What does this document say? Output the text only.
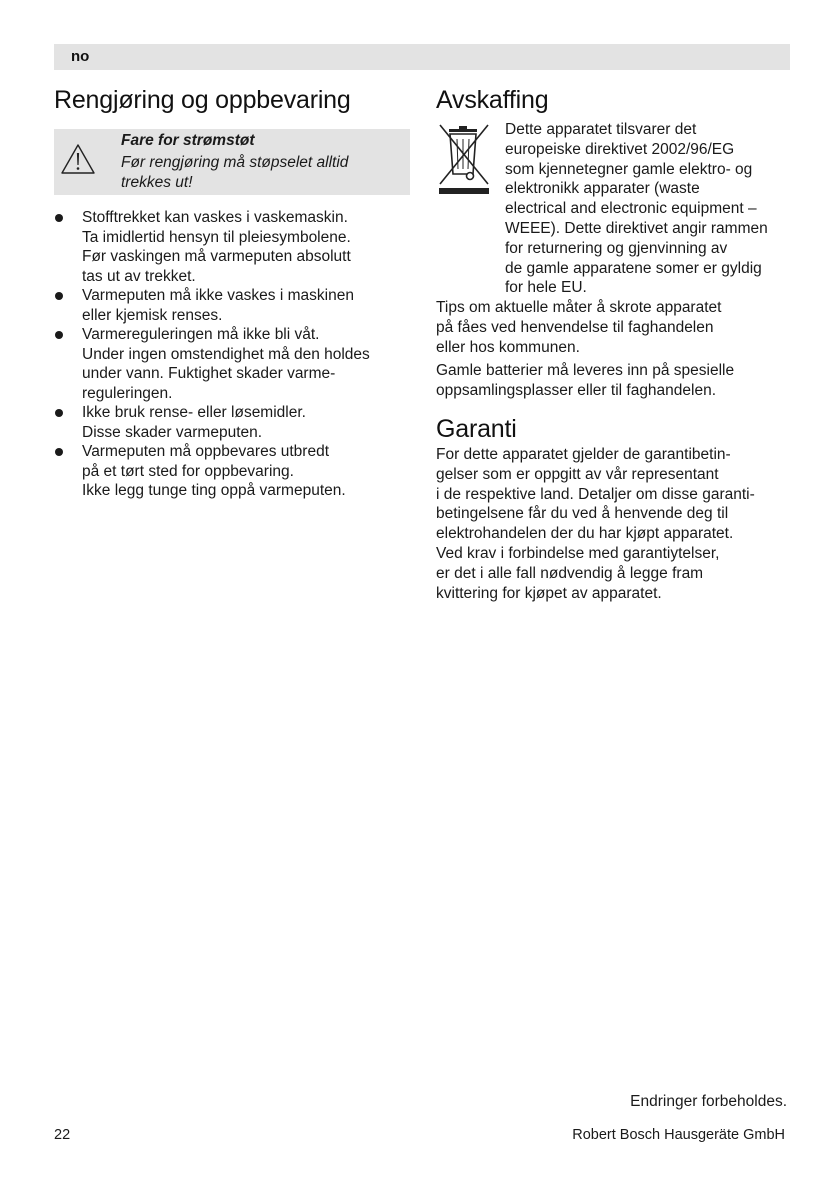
no
Rengjøring og oppbevaring
Fare for strømstøt
Før rengjøring må støpselet alltid
trekkes ut!
Stofftrekket kan vaskes i vaskemaskin.
Ta imidlertid hensyn til pleiesymbolene.
Før vaskingen må varmeputen absolutt
tas ut av trekket.
Varmeputen må ikke vaskes i maskinen
eller kjemisk renses.
Varmereguleringen må ikke bli våt.
Under ingen omstendighet må den holdes
under vann. Fuktighet skader varme-
reguleringen.
Ikke bruk rense- eller løsemidler.
Disse skader varmeputen.
Varmeputen må oppbevares utbredt
på et tørt sted for oppbevaring.
Ikke legg tunge ting oppå varmeputen.
Avskaffing
Dette apparatet tilsvarer det
europeiske direktivet 2002/96/EG
som kjennetegner gamle elektro- og
elektronikk apparater (waste
electrical and electronic equipment –
WEEE). Dette direktivet angir rammen
for returnering og gjenvinning av
de gamle apparatene somer er gyldig
for hele EU.

Tips om aktuelle måter å skrote apparatet
på fåes ved henvendelse til faghandelen
eller hos kommunen.

Gamle batterier må leveres inn på spesielle
oppsamlingsplasser eller til faghandelen.

Garanti

For dette apparatet gjelder de garantibetin-
gelser som er oppgitt av vår representant
i de respektive land. Detaljer om disse garanti-
betingelsene får du ved å henvende deg til
elektrohandelen der du har kjøpt apparatet.
Ved krav i forbindelse med garantiytelser,
er det i alle fall nødvendig å legge fram
kvittering for kjøpet av apparatet.

Endringer forbeholdes.
22	Robert Bosch Hausgeräte GmbH
